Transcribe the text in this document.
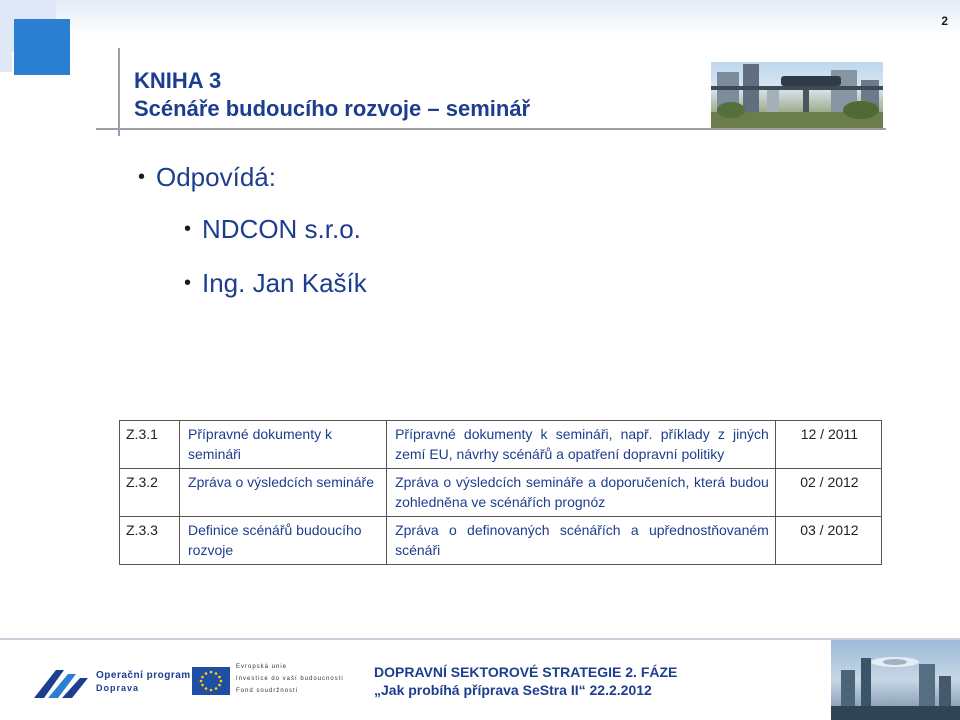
2
KNIHA 3
Scénáře budoucího rozvoje – seminář
• Odpovídá:
• NDCON s.r.o.
• Ing. Jan Kašík
Z.3.1	Přípravné dokumenty k semináři	Přípravné dokumenty k semináři, např. příklady z jiných zemí EU, návrhy scénářů a opatření dopravní politiky	12 / 2011
Z.3.2	Zpráva o výsledcích semináře	Zpráva o výsledcích semináře a doporučeních, která budou zohledněna ve scénářích prognóz	02 / 2012
Z.3.3	Definice scénářů budoucího rozvoje	Zpráva o definovaných scénářích a upřednostňovaném scénáři	03 / 2012
Operační program
Doprava
Evropská unie
Investice do vaší budoucnosti
Fond soudržnosti
DOPRAVNÍ SEKTOROVÉ STRATEGIE 2. FÁZE
„Jak probíhá příprava SeStra II“ 22.2.2012
